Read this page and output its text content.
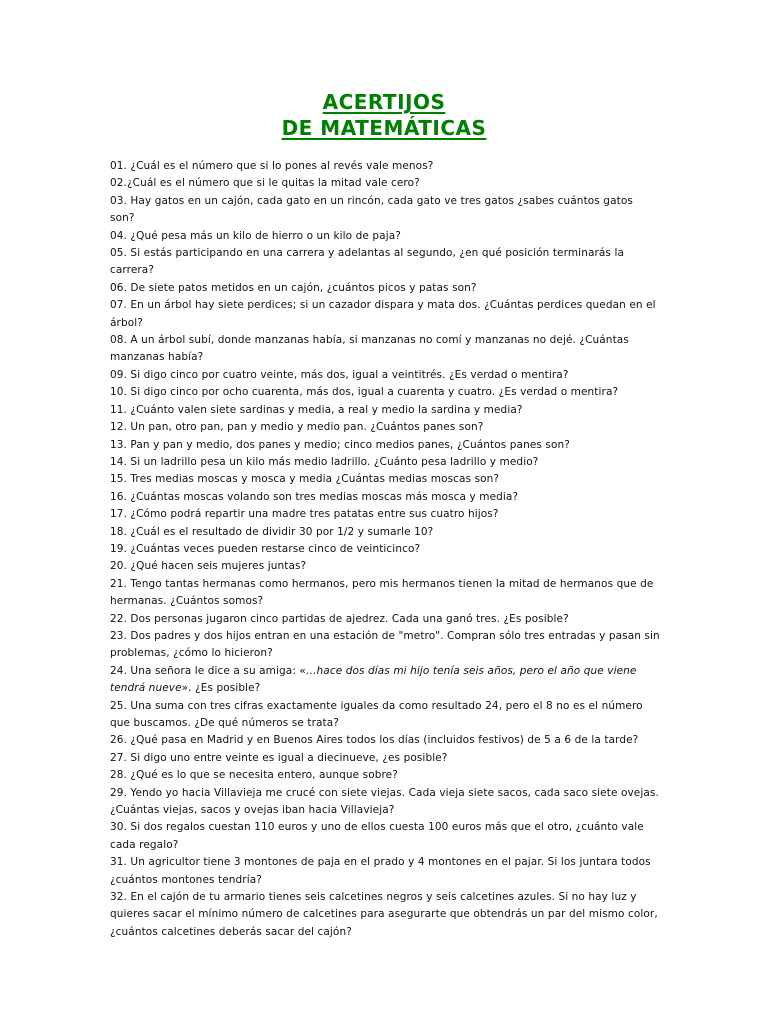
ACERTIJOS
DE MATEMÁTICAS

01. ¿Cuál es el número que si lo pones al revés vale menos?

02.¿Cuál es el número que si le quitas la mitad vale cero?

03. Hay gatos en un cajón, cada gato en un rincón, cada gato ve tres gatos ¿sabes cuántos gatos son?

04. ¿Qué pesa más un kilo de hierro o un kilo de paja?

05. Si estás participando en una carrera y adelantas al segundo, ¿en qué posición terminarás la carrera?

06. De siete patos metidos en un cajón, ¿cuántos picos y patas son?

07. En un árbol hay siete perdices; si un cazador dispara y mata dos. ¿Cuántas perdices quedan en el árbol?

08. A un árbol subí, donde manzanas había, si manzanas no comí y manzanas no dejé. ¿Cuántas manzanas había?

09. Si digo cinco por cuatro veinte, más dos, igual a veintitrés. ¿Es verdad o mentira?

10. Si digo cinco por ocho cuarenta, más dos, igual a cuarenta y cuatro. ¿Es verdad o mentira?

11. ¿Cuánto valen siete sardinas y media, a real y medio la sardina y media?

12. Un pan, otro pan, pan y medio y medio pan. ¿Cuántos panes son?

13. Pan y pan y medio, dos panes y medio; cinco medios panes, ¿Cuántos panes son?

14. Si un ladrillo pesa un kilo más medio ladrillo. ¿Cuánto pesa ladrillo y medio?

15. Tres medias moscas y mosca y media ¿Cuántas medias moscas son?

16. ¿Cuántas moscas volando son tres medias moscas más mosca y media?

17. ¿Cómo podrá repartir una madre tres patatas entre sus cuatro hijos?

18. ¿Cuál es el resultado de dividir 30 por 1/2 y sumarle 10?

19. ¿Cuántas veces pueden restarse cinco de veinticinco?

20. ¿Qué hacen seis mujeres juntas?

21. Tengo tantas hermanas como hermanos, pero mis hermanos tienen la mitad de hermanos que de hermanas. ¿Cuántos somos?

22. Dos personas jugaron cinco partidas de ajedrez. Cada una ganó tres. ¿Es posible?

23. Dos padres y dos hijos entran en una estación de "metro". Compran sólo tres entradas y pasan sin problemas, ¿cómo lo hicieron?

24. Una señora le dice a su amiga: «…hace dos días mi hijo tenía seis años, pero el año que viene tendrá nueve». ¿Es posible?

25. Una suma con tres cifras exactamente iguales da como resultado 24, pero el 8 no es el número que buscamos. ¿De qué números se trata?

26. ¿Qué pasa en Madrid y en Buenos Aires todos los días (incluidos festivos) de 5 a 6 de la tarde?

27. Si digo uno entre veinte es igual a diecinueve, ¿es posible?

28. ¿Qué es lo que se necesita entero, aunque sobre?

29. Yendo yo hacia Villavieja me crucé con siete viejas. Cada vieja siete sacos, cada saco siete ovejas. ¿Cuántas viejas, sacos y ovejas iban hacia Villavieja?

30. Si dos regalos cuestan 110 euros y uno de ellos cuesta 100 euros más que el otro, ¿cuánto vale cada regalo?

31. Un agricultor tiene 3 montones de paja en el prado y 4 montones en el pajar. Si los juntara todos ¿cuántos montones tendría?

32. En el cajón de tu armario tienes seis calcetines negros y seis calcetines azules. Si no hay luz y quieres sacar el mínimo número de calcetines para asegurarte que obtendrás un par del mismo color, ¿cuántos calcetines deberás sacar del cajón?
